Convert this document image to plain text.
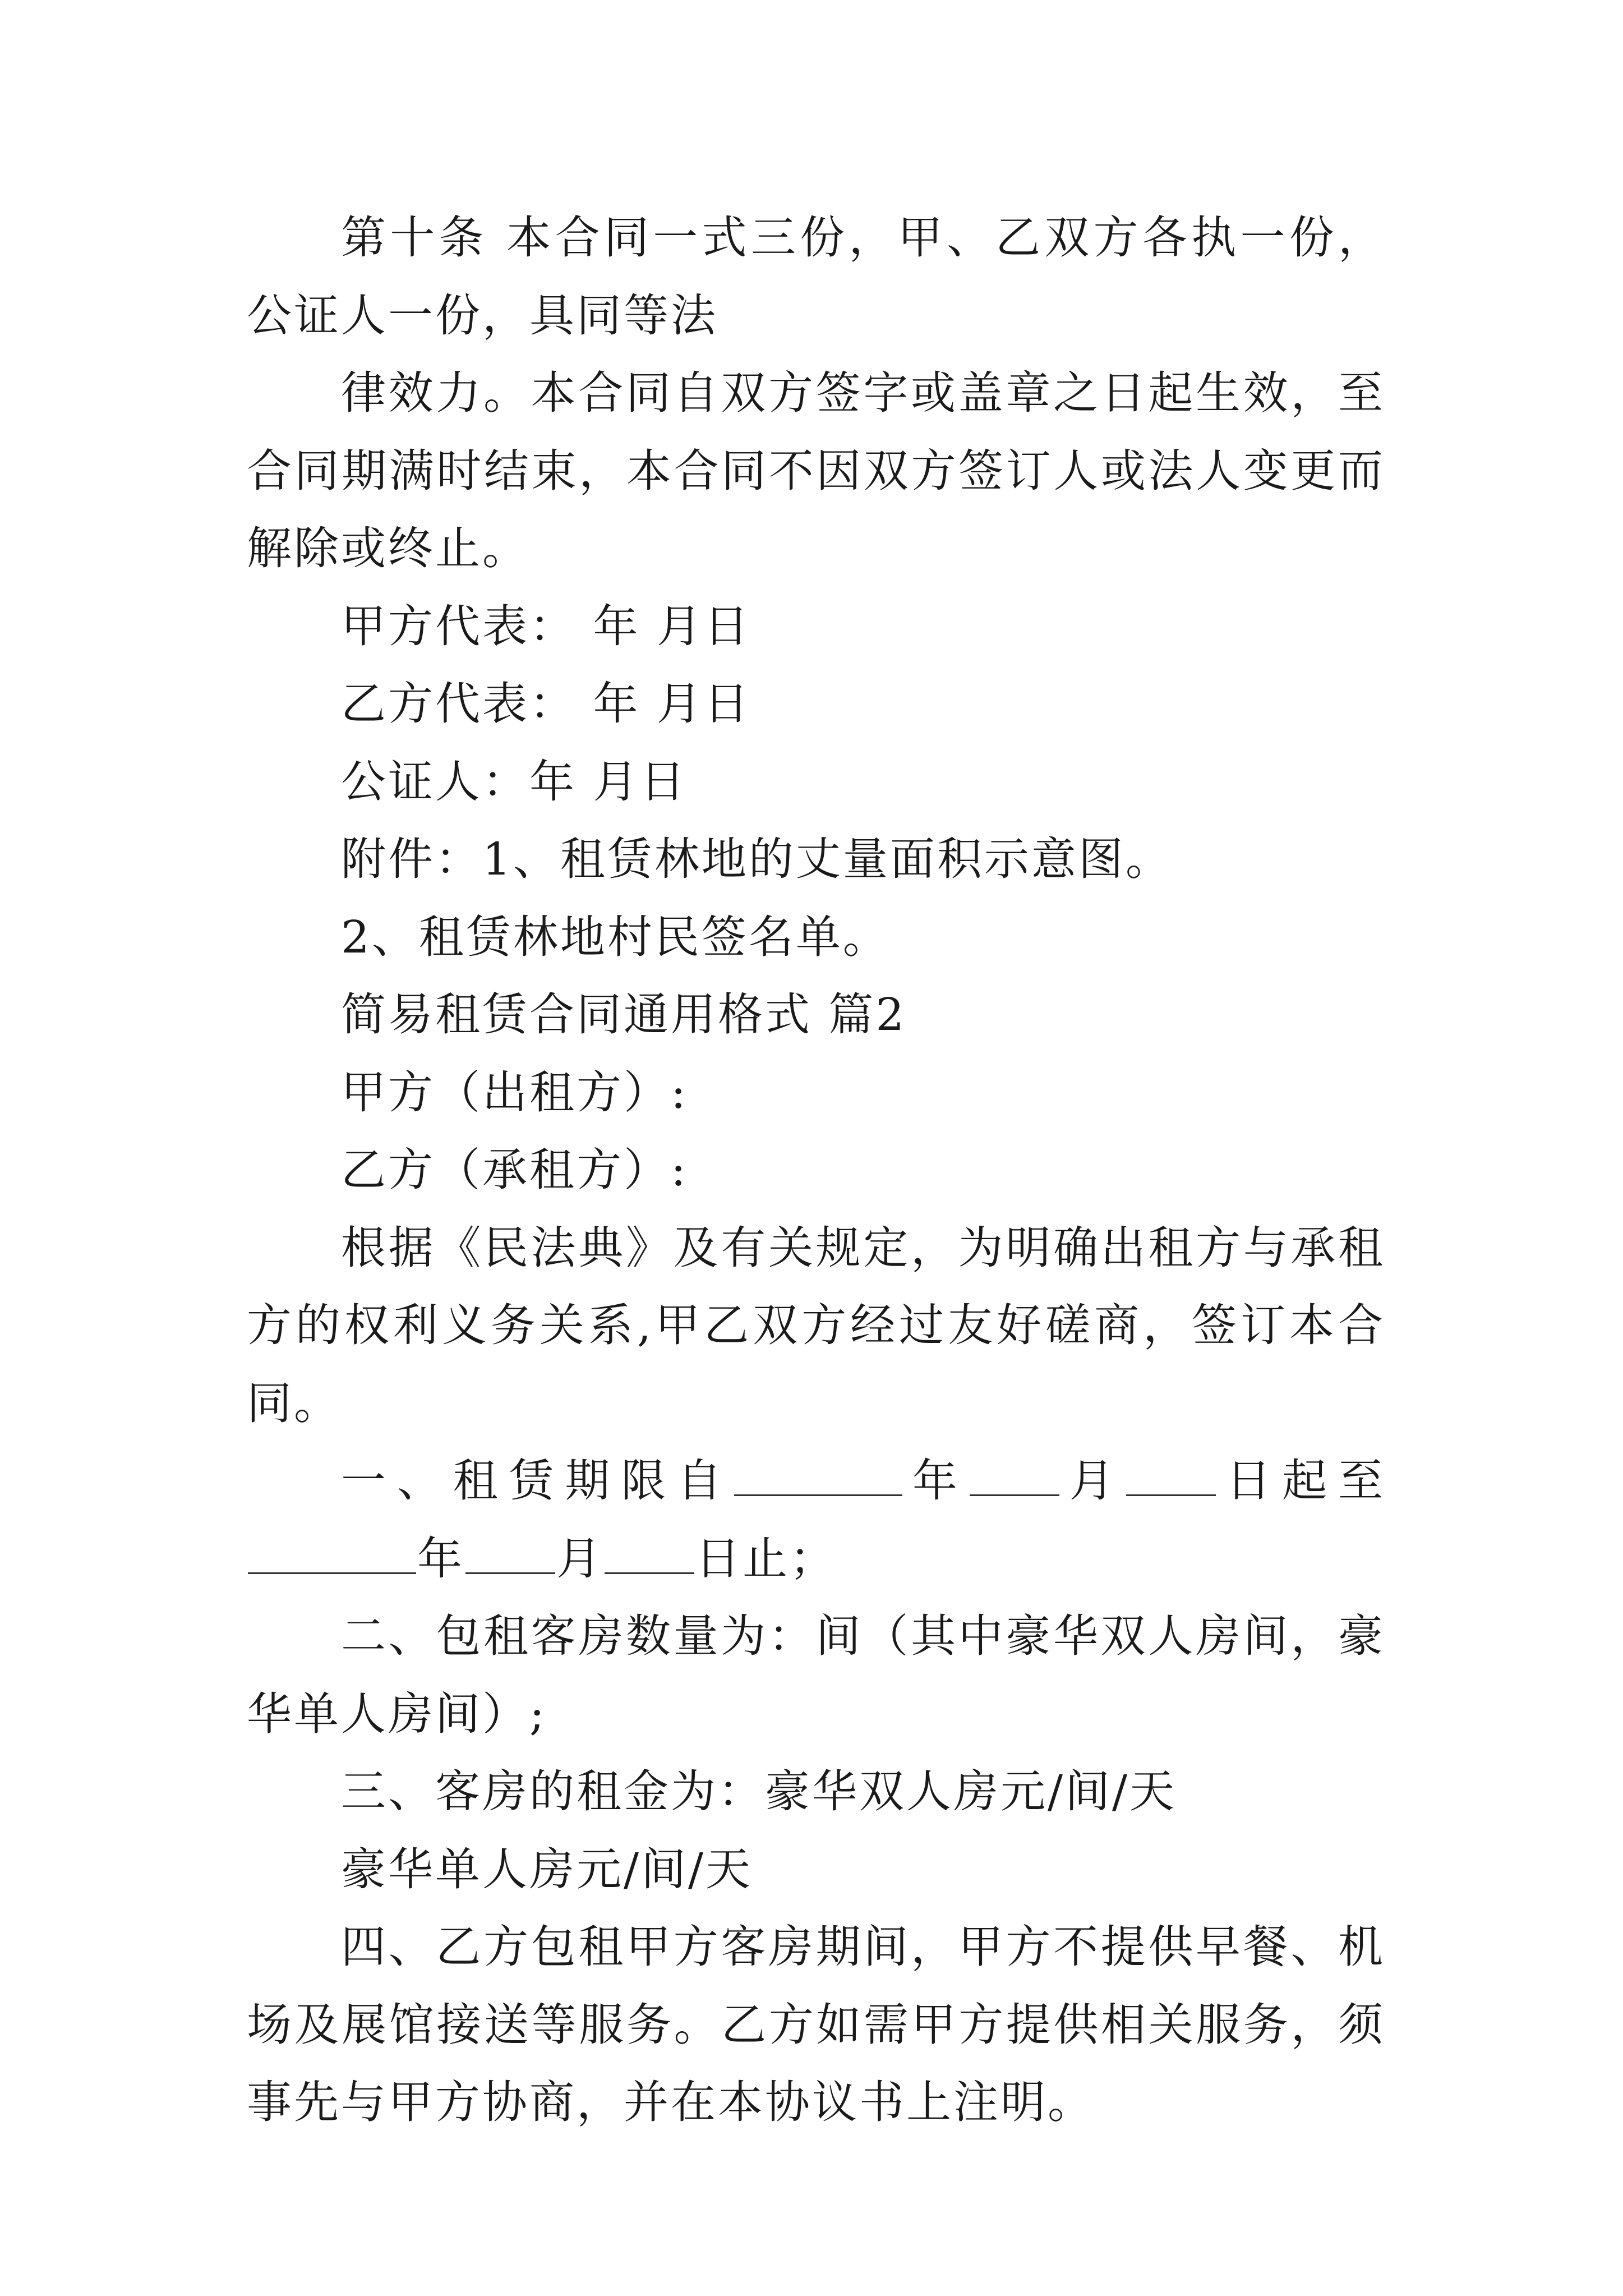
第十条 本合同一式三份，甲、乙双方各执一份，公证人一份，具同等法

律效力。本合同自双方签字或盖章之日起生效，至合同期满时结束，本合同不因双方签订人或法人变更而解除或终止。

甲方代表： 年 月日

乙方代表： 年 月日

公证人：年 月日

附件：1、租赁林地的丈量面积示意图。

2、租赁林地村民签名单。

简易租赁合同通用格式 篇2

甲方（出租方）:

乙方（承租方）:

根据《民法典》及有关规定，为明确出租方与承租方的权利义务关系,甲乙双方经过友好磋商，签订本合同。

一、租赁期限自	年 月 日起至年 月 日止；

二、包租客房数量为：间（其中豪华双人房间，豪华单人房间）;

三、客房的租金为：豪华双人房元/间/天

豪华单人房元/间/天

四、乙方包租甲方客房期间，甲方不提供早餐、机场及展馆接送等服务。乙方如需甲方提供相关服务，须事先与甲方协商，并在本协议书上注明。
